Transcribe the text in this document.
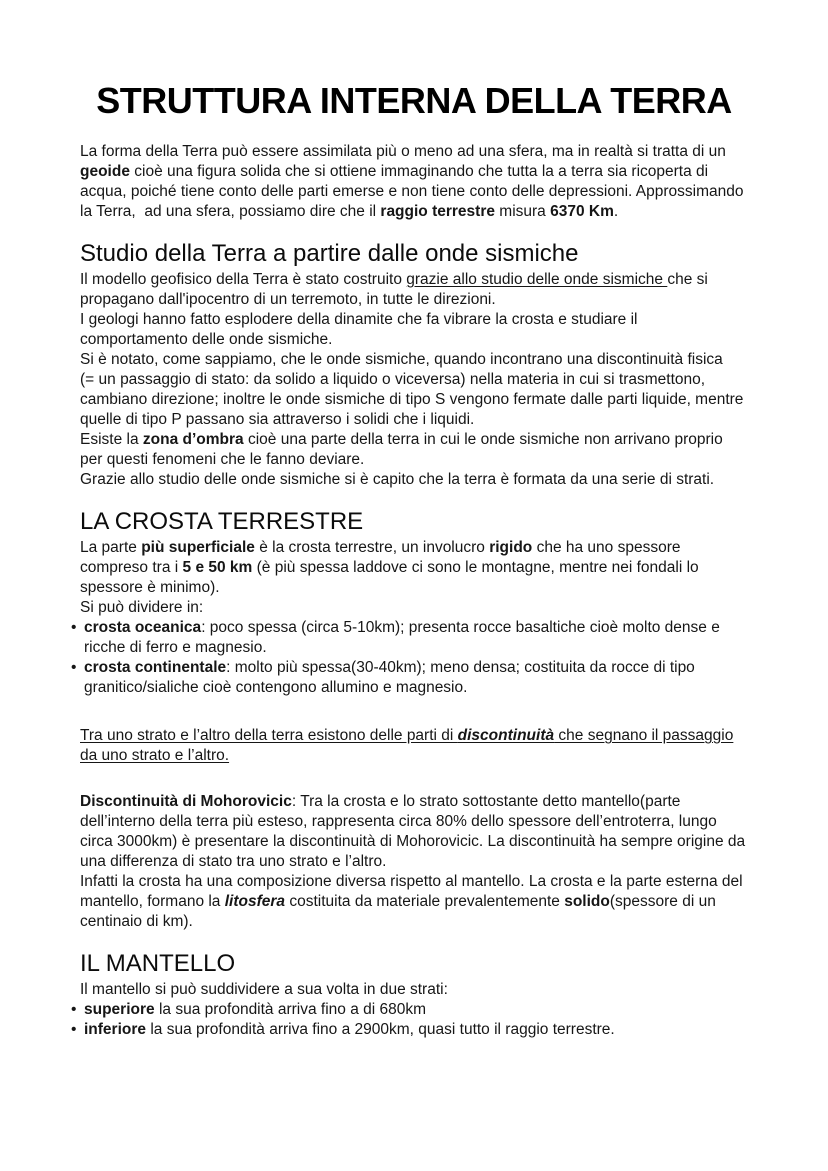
STRUTTURA INTERNA DELLA TERRA

La forma della Terra può essere assimilata più o meno ad una sfera, ma in realtà si tratta di un geoide cioè una figura solida che si ottiene immaginando che tutta la a terra sia ricoperta di acqua, poiché tiene conto delle parti emerse e non tiene conto delle depressioni. Approssimando la Terra,  ad una sfera, possiamo dire che il raggio terrestre misura 6370 Km.

Studio della Terra a partire dalle onde sismiche

Il modello geofisico della Terra è stato costruito grazie allo studio delle onde sismiche che si propagano dall'ipocentro di un terremoto, in tutte le direzioni.

I geologi hanno fatto esplodere della dinamite che fa vibrare la crosta e studiare il comportamento delle onde sismiche.

Si è notato, come sappiamo, che le onde sismiche, quando incontrano una discontinuità fisica

(= un passaggio di stato: da solido a liquido o viceversa) nella materia in cui si trasmettono, cambiano direzione; inoltre le onde sismiche di tipo S vengono fermate dalle parti liquide, mentre quelle di tipo P passano sia attraverso i solidi che i liquidi.

Esiste la zona d’ombra cioè una parte della terra in cui le onde sismiche non arrivano proprio per questi fenomeni che le fanno deviare.

Grazie allo studio delle onde sismiche si è capito che la terra è formata da una serie di strati.

LA CROSTA TERRESTRE

La parte più superficiale è la crosta terrestre, un involucro rigido che ha uno spessore compreso tra i 5 e 50 km (è più spessa laddove ci sono le montagne, mentre nei fondali lo spessore è minimo).

Si può dividere in:

• crosta oceanica: poco spessa (circa 5-10km); presenta rocce basaltiche cioè molto dense e ricche di ferro e magnesio.
• crosta continentale: molto più spessa(30-40km); meno densa; costituita da rocce di tipo granitico/sialiche cioè contengono allumino e magnesio.

Tra uno strato e l’altro della terra esistono delle parti di discontinuità che segnano il passaggio da uno strato e l’altro.

Discontinuità di Mohorovicic: Tra la crosta e lo strato sottostante detto mantello(parte dell’interno della terra più esteso, rappresenta circa 80% dello spessore dell’entroterra, lungo circa 3000km) è presentare la discontinuità di Mohorovicic. La discontinuità ha sempre origine da una differenza di stato tra uno strato e l’altro.

Infatti la crosta ha una composizione diversa rispetto al mantello. La crosta e la parte esterna del mantello, formano la litosfera costituita da materiale prevalentemente solido(spessore di un centinaio di km).

IL MANTELLO

Il mantello si può suddividere a sua volta in due strati:

• superiore la sua profondità arriva fino a di 680km
• inferiore la sua profondità arriva fino a 2900km, quasi tutto il raggio terrestre.
